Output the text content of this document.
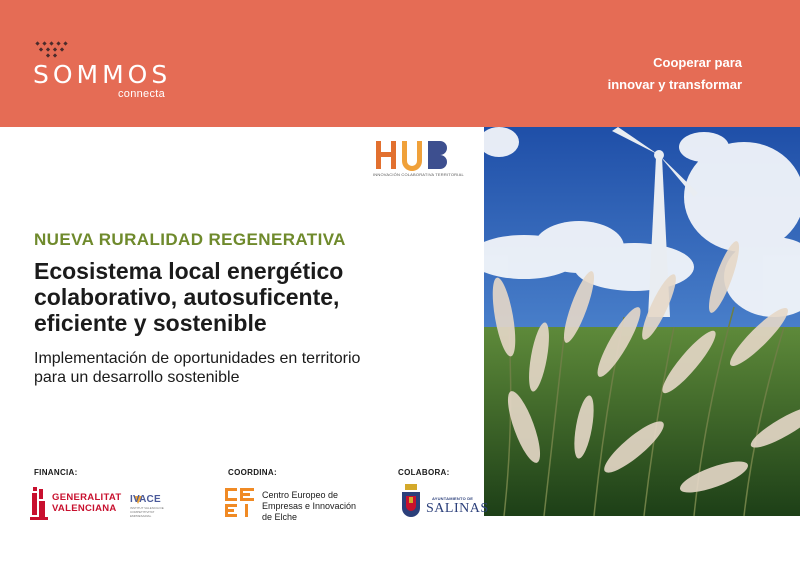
SOMMOS
connecta
Cooperar para
innovar y transformar
INNOVACIÓN COLABORATIVA TERRITORIAL
NUEVA RURALIDAD REGENERATIVA
Ecosistema local energético
colaborativo, autosuficente,
eficiente y sostenible
Implementación de oportunidades en territorio
para un desarrollo sostenible
FINANCIA:	COORDINA:	COLABORA:
GENERALITAT
VALENCIANA
IVACE
INSTITUT VALENCIA DE COMPETITIVITAT EMPRESARIAL
Centro Europeo de
Empresas e Innovación
de Elche
AYUNTAMIENTO DE
SALINAS
